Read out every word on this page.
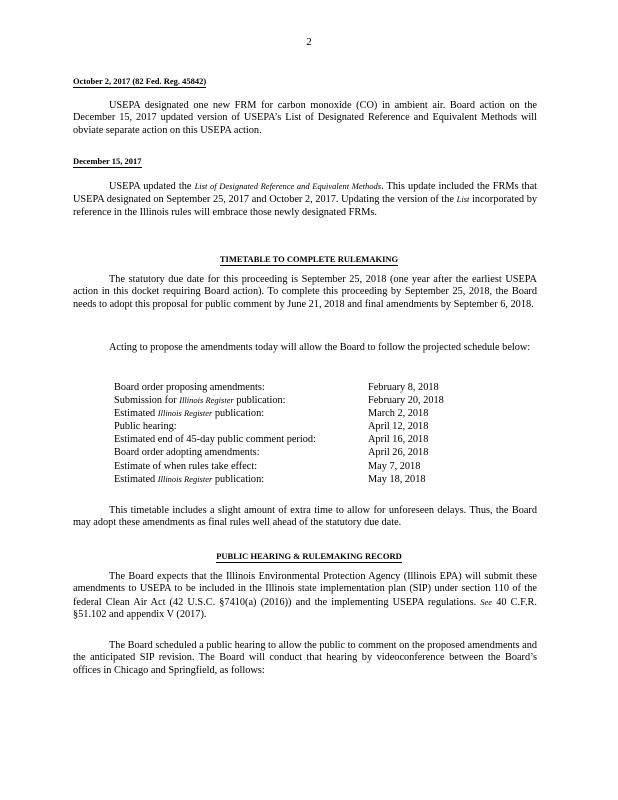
2
October 2, 2017 (82 Fed. Reg. 45842)

USEPA designated one new FRM for carbon monoxide (CO) in ambient air. Board action on the December 15, 2017 updated version of USEPA’s List of Designated Reference and Equivalent Methods will obviate separate action on this USEPA action.

December 15, 2017

USEPA updated the List of Designated Reference and Equivalent Methods. This update included the FRMs that USEPA designated on September 25, 2017 and October 2, 2017. Updating the version of the List incorporated by reference in the Illinois rules will embrace those newly designated FRMs.

TIMETABLE TO COMPLETE RULEMAKING

The statutory due date for this proceeding is September 25, 2018 (one year after the earliest USEPA action in this docket requiring Board action). To complete this proceeding by September 25, 2018, the Board needs to adopt this proposal for public comment by June 21, 2018 and final amendments by September 6, 2018.

Acting to propose the amendments today will allow the Board to follow the projected schedule below:

Board order proposing amendments:	February 8, 2018
Submission for Illinois Register publication:	February 20, 2018
Estimated Illinois Register publication:	March 2, 2018
Public hearing:	April 12, 2018
Estimated end of 45-day public comment period:	April 16, 2018
Board order adopting amendments:	April 26, 2018
Estimate of when rules take effect:	May 7, 2018
Estimated Illinois Register publication:	May 18, 2018

This timetable includes a slight amount of extra time to allow for unforeseen delays. Thus, the Board may adopt these amendments as final rules well ahead of the statutory due date.

PUBLIC HEARING & RULEMAKING RECORD

The Board expects that the Illinois Environmental Protection Agency (Illinois EPA) will submit these amendments to USEPA to be included in the Illinois state implementation plan (SIP) under section 110 of the federal Clean Air Act (42 U.S.C. §7410(a) (2016)) and the implementing USEPA regulations. See 40 C.F.R. §51.102 and appendix V (2017).

The Board scheduled a public hearing to allow the public to comment on the proposed amendments and the anticipated SIP revision. The Board will conduct that hearing by videoconference between the Board’s offices in Chicago and Springfield, as follows:
